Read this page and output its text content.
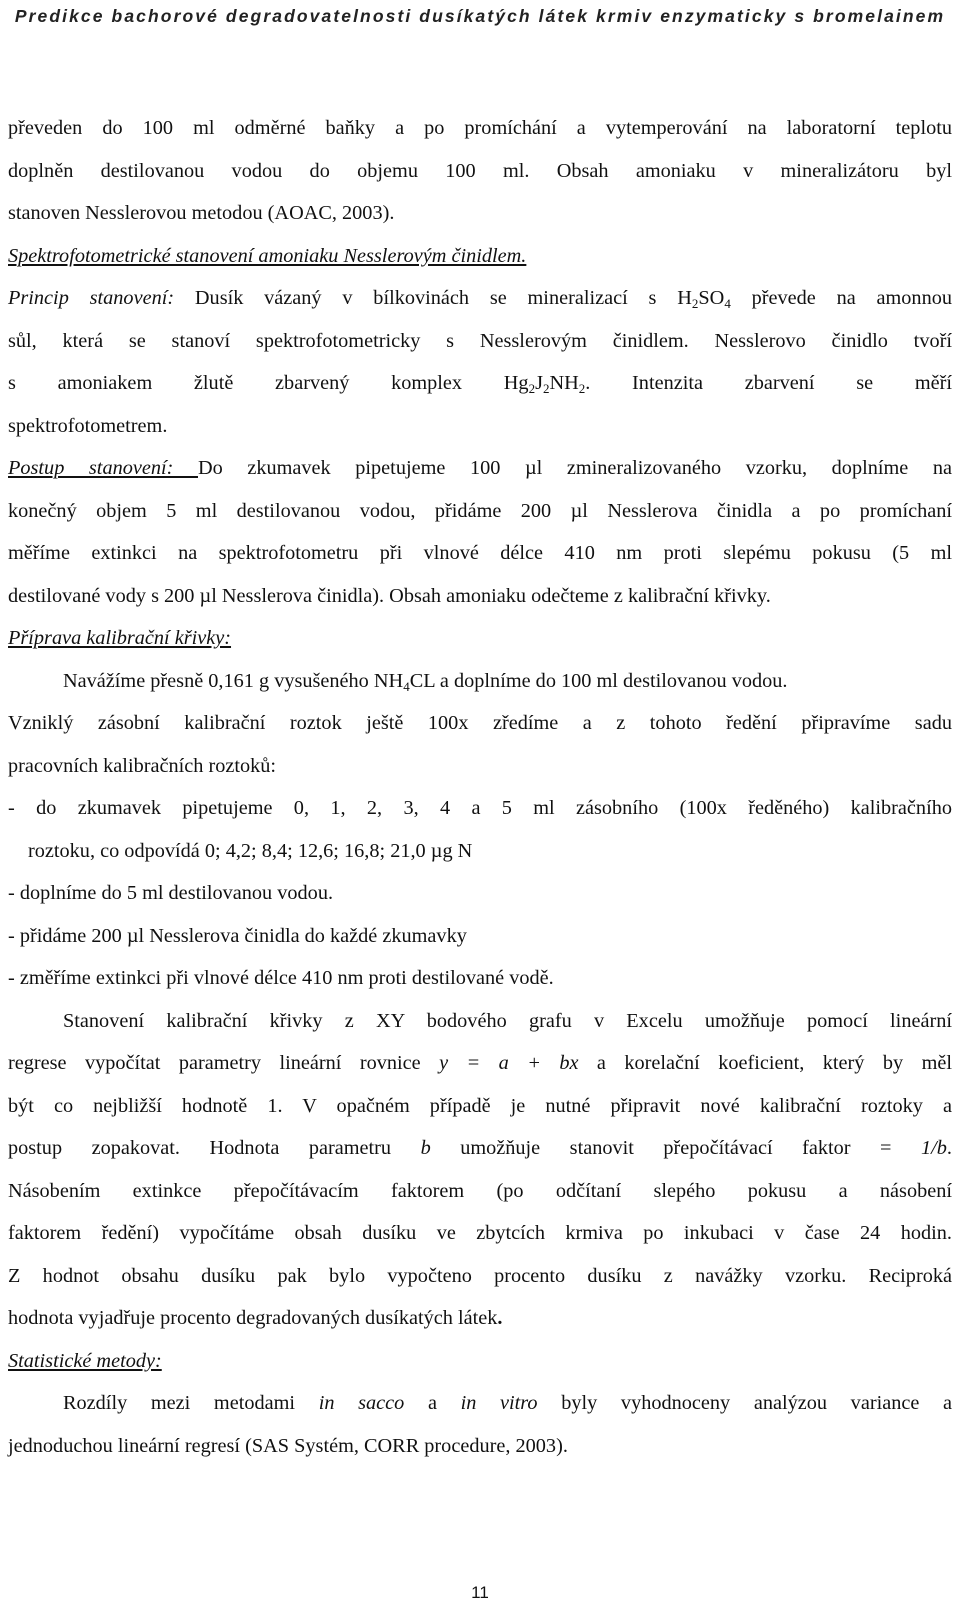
Predikce bachorové degradovatelnosti dusíkatých látek krmiv enzymaticky s bromelainem

převeden do 100 ml odměrné baňky a po promíchání a vytemperování na laboratorní teplotu

doplněn destilovanou vodou do objemu 100 ml. Obsah amoniaku v mineralizátoru byl

stanoven Nesslerovou metodou (AOAC, 2003).

Spektrofotometrické stanovení amoniaku Nesslerovým činidlem.

Princip stanovení: Dusík vázaný v bílkovinách se mineralizací s $H_2SO_4$ převede na amonnou

sůl, která se stanoví spektrofotometricky s Nesslerovým činidlem. Nesslerovo činidlo tvoří

s amoniakem žlutě zbarvený komplex $Hg_2J_2NH_2$. Intenzita zbarvení se měří

spektrofotometrem.

Postup stanovení: Do zkumavek pipetujeme 100 µl zmineralizovaného vzorku, doplníme na

konečný objem 5 ml destilovanou vodou, přidáme 200 µl Nesslerova činidla a po promíchaní

měříme extinkci na spektrofotometru při vlnové délce 410 nm proti slepému pokusu (5 ml

destilované vody s 200 µl Nesslerova činidla). Obsah amoniaku odečteme z kalibrační křivky.

Příprava kalibrační křivky:

Navážíme přesně 0,161 g vysušeného $NH_4CL$ a doplníme do 100 ml destilovanou vodou.

Vzniklý zásobní kalibrační roztok ještě 100x zředíme a z tohoto ředění připravíme sadu

pracovních kalibračních roztoků:

- do zkumavek pipetujeme 0, 1, 2, 3, 4 a 5 ml zásobního (100x ředěného) kalibračního

roztoku, co odpovídá 0; 4,2; 8,4; 12,6; 16,8; 21,0 µg N

- doplníme do 5 ml destilovanou vodou.

- přidáme 200 µl Nesslerova činidla do každé zkumavky

- změříme extinkci při vlnové délce 410 nm proti destilované vodě.

Stanovení kalibrační křivky z XY bodového grafu v Excelu umožňuje pomocí lineární

regrese vypočítat parametry lineární rovnice y = a + bx a korelační koeficient, který by měl

být co nejbližší hodnotě 1. V opačném případě je nutné připravit nové kalibrační roztoky a

postup zopakovat. Hodnota parametru b umožňuje stanovit přepočítávací faktor = 1/b.

Násobením extinkce přepočítávacím faktorem (po odčítaní slepého pokusu a násobení

faktorem ředění) vypočítáme obsah dusíku ve zbytcích krmiva po inkubaci v čase 24 hodin.

Z hodnot obsahu dusíku pak bylo vypočteno procento dusíku z navážky vzorku. Reciproká

hodnota vyjadřuje procento degradovaných dusíkatých látek.

Statistické metody:

Rozdíly mezi metodami in sacco a in vitro byly vyhodnoceny analýzou variance a

jednoduchou lineární regresí (SAS Systém, CORR procedure, 2003).

11
